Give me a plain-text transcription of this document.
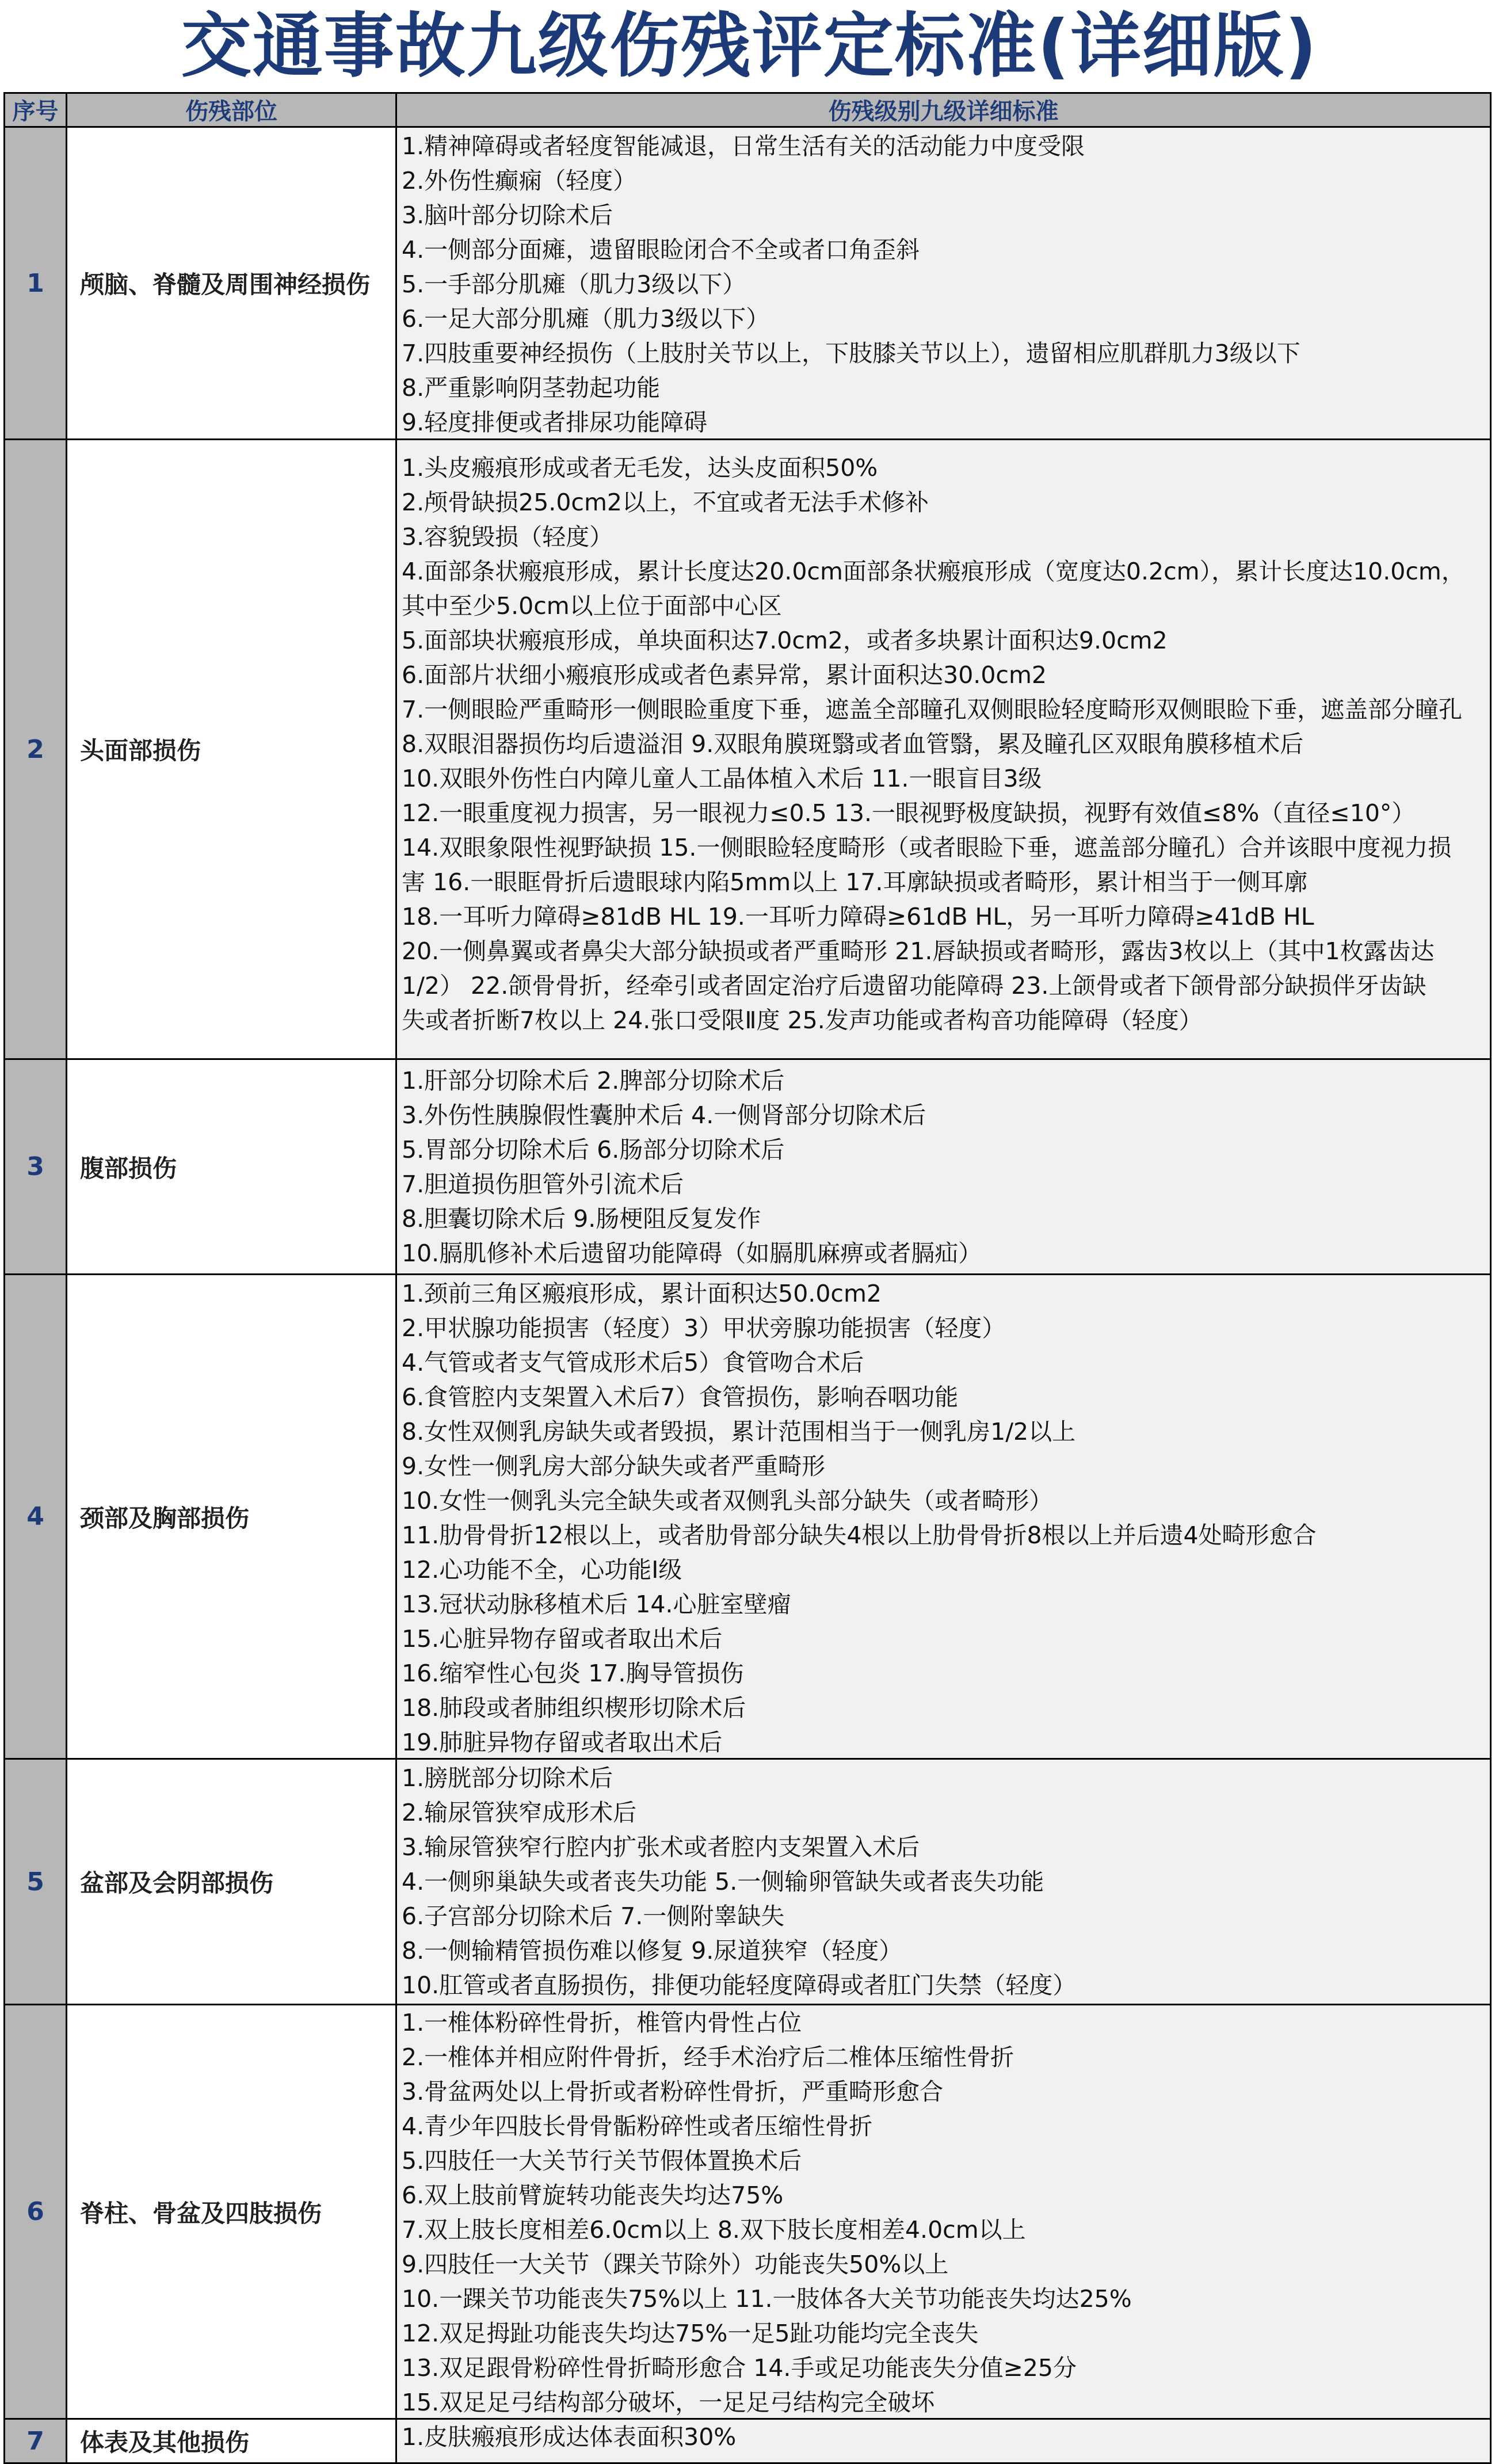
交通事故九级伤残评定标准(详细版)
序号	伤残部位	伤残级别九级详细标准
1	颅脑、脊髓及周围神经损伤
1.精神障碍或者轻度智能减退，日常生活有关的活动能力中度受限
2.外伤性癫痫（轻度）
3.脑叶部分切除术后
4.一侧部分面瘫，遗留眼睑闭合不全或者口角歪斜
5.一手部分肌瘫（肌力3级以下）
6.一足大部分肌瘫（肌力3级以下）
7.四肢重要神经损伤（上肢肘关节以上，下肢膝关节以上），遗留相应肌群肌力3级以下
8.严重影响阴茎勃起功能
9.轻度排便或者排尿功能障碍
2	头面部损伤
1.头皮瘢痕形成或者无毛发，达头皮面积50%
2.颅骨缺损25.0cm2以上，不宜或者无法手术修补
3.容貌毁损（轻度）
4.面部条状瘢痕形成，累计长度达20.0cm面部条状瘢痕形成（宽度达0.2cm），累计长度达10.0cm，
其中至少5.0cm以上位于面部中心区
5.面部块状瘢痕形成，单块面积达7.0cm2，或者多块累计面积达9.0cm2
6.面部片状细小瘢痕形成或者色素异常，累计面积达30.0cm2
7.一侧眼睑严重畸形一侧眼睑重度下垂，遮盖全部瞳孔双侧眼睑轻度畸形双侧眼睑下垂，遮盖部分瞳孔
8.双眼泪器损伤均后遗溢泪 9.双眼角膜斑翳或者血管翳，累及瞳孔区双眼角膜移植术后
10.双眼外伤性白内障儿童人工晶体植入术后 11.一眼盲目3级
12.一眼重度视力损害，另一眼视力≤0.5 13.一眼视野极度缺损，视野有效值≤8%（直径≤10°）
14.双眼象限性视野缺损 15.一侧眼睑轻度畸形（或者眼睑下垂，遮盖部分瞳孔）合并该眼中度视力损
害 16.一眼眶骨折后遗眼球内陷5mm以上 17.耳廓缺损或者畸形，累计相当于一侧耳廓
18.一耳听力障碍≥81dB HL 19.一耳听力障碍≥61dB HL，另一耳听力障碍≥41dB HL
20.一侧鼻翼或者鼻尖大部分缺损或者严重畸形 21.唇缺损或者畸形，露齿3枚以上（其中1枚露齿达
1/2） 22.颌骨骨折，经牵引或者固定治疗后遗留功能障碍 23.上颌骨或者下颌骨部分缺损伴牙齿缺
失或者折断7枚以上 24.张口受限Ⅱ度 25.发声功能或者构音功能障碍（轻度）
3	腹部损伤
1.肝部分切除术后 2.脾部分切除术后
3.外伤性胰腺假性囊肿术后 4.一侧肾部分切除术后
5.胃部分切除术后 6.肠部分切除术后
7.胆道损伤胆管外引流术后
8.胆囊切除术后 9.肠梗阻反复发作
10.膈肌修补术后遗留功能障碍（如膈肌麻痹或者膈疝）
4	颈部及胸部损伤
1.颈前三角区瘢痕形成，累计面积达50.0cm2
2.甲状腺功能损害（轻度）3）甲状旁腺功能损害（轻度）
4.气管或者支气管成形术后5）食管吻合术后
6.食管腔内支架置入术后7）食管损伤，影响吞咽功能
8.女性双侧乳房缺失或者毁损，累计范围相当于一侧乳房1/2以上
9.女性一侧乳房大部分缺失或者严重畸形
10.女性一侧乳头完全缺失或者双侧乳头部分缺失（或者畸形）
11.肋骨骨折12根以上，或者肋骨部分缺失4根以上肋骨骨折8根以上并后遗4处畸形愈合
12.心功能不全，心功能Ⅰ级
13.冠状动脉移植术后 14.心脏室壁瘤
15.心脏异物存留或者取出术后
16.缩窄性心包炎 17.胸导管损伤
18.肺段或者肺组织楔形切除术后
19.肺脏异物存留或者取出术后
5	盆部及会阴部损伤
1.膀胱部分切除术后
2.输尿管狭窄成形术后
3.输尿管狭窄行腔内扩张术或者腔内支架置入术后
4.一侧卵巢缺失或者丧失功能 5.一侧输卵管缺失或者丧失功能
6.子宫部分切除术后 7.一侧附睾缺失
8.一侧输精管损伤难以修复 9.尿道狭窄（轻度）
10.肛管或者直肠损伤，排便功能轻度障碍或者肛门失禁（轻度）
6	脊柱、骨盆及四肢损伤
1.一椎体粉碎性骨折，椎管内骨性占位
2.一椎体并相应附件骨折，经手术治疗后二椎体压缩性骨折
3.骨盆两处以上骨折或者粉碎性骨折，严重畸形愈合
4.青少年四肢长骨骨骺粉碎性或者压缩性骨折
5.四肢任一大关节行关节假体置换术后
6.双上肢前臂旋转功能丧失均达75%
7.双上肢长度相差6.0cm以上 8.双下肢长度相差4.0cm以上
9.四肢任一大关节（踝关节除外）功能丧失50%以上
10.一踝关节功能丧失75%以上 11.一肢体各大关节功能丧失均达25%
12.双足拇趾功能丧失均达75%一足5趾功能均完全丧失
13.双足跟骨粉碎性骨折畸形愈合 14.手或足功能丧失分值≥25分
15.双足足弓结构部分破坏，一足足弓结构完全破坏
7	体表及其他损伤	1.皮肤瘢痕形成达体表面积30%
